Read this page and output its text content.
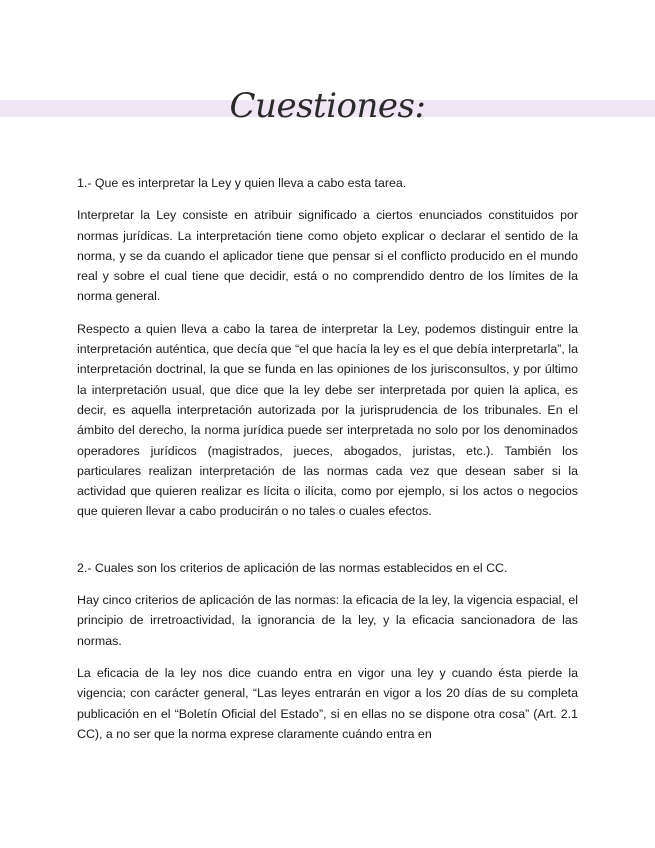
Cuestiones:

1.- Que es interpretar la Ley y quien lleva a cabo esta tarea.

Interpretar la Ley consiste en atribuir significado a ciertos enunciados constituidos por normas jurídicas. La interpretación tiene como objeto explicar o declarar el sentido de la norma, y se da cuando el aplicador tiene que pensar si el conflicto producido en el mundo real y sobre el cual tiene que decidir, está o no comprendido dentro de los límites de la norma general.

Respecto a quien lleva a cabo la tarea de interpretar la Ley, podemos distinguir entre la interpretación auténtica, que decía que “el que hacía la ley es el que debía interpretarla”, la interpretación doctrinal, la que se funda en las opiniones de los jurisconsultos, y por último la interpretación usual, que dice que la ley debe ser interpretada por quien la aplica, es decir, es aquella interpretación autorizada por la jurisprudencia de los tribunales. En el ámbito del derecho, la norma jurídica puede ser interpretada no solo por los denominados operadores jurídicos (magistrados, jueces, abogados, juristas, etc.). También los particulares realizan interpretación de las normas cada vez que desean saber si la actividad que quieren realizar es lícita o ilícita, como por ejemplo, si los actos o negocios que quieren llevar a cabo producirán o no tales o cuales efectos.

2.- Cuales son los criterios de aplicación de las normas establecidos en el CC.

Hay cinco criterios de aplicación de las normas: la eficacia de la ley, la vigencia espacial, el principio de irretroactividad, la ignorancia de la ley, y la eficacia sancionadora de las normas.

La eficacia de la ley nos dice cuando entra en vigor una ley y cuando ésta pierde la vigencia; con carácter general, “Las leyes entrarán en vigor a los 20 días de su completa publicación en el “Boletín Oficial del Estado”, si en ellas no se dispone otra cosa” (Art. 2.1 CC), a no ser que la norma exprese claramente cuándo entra en
